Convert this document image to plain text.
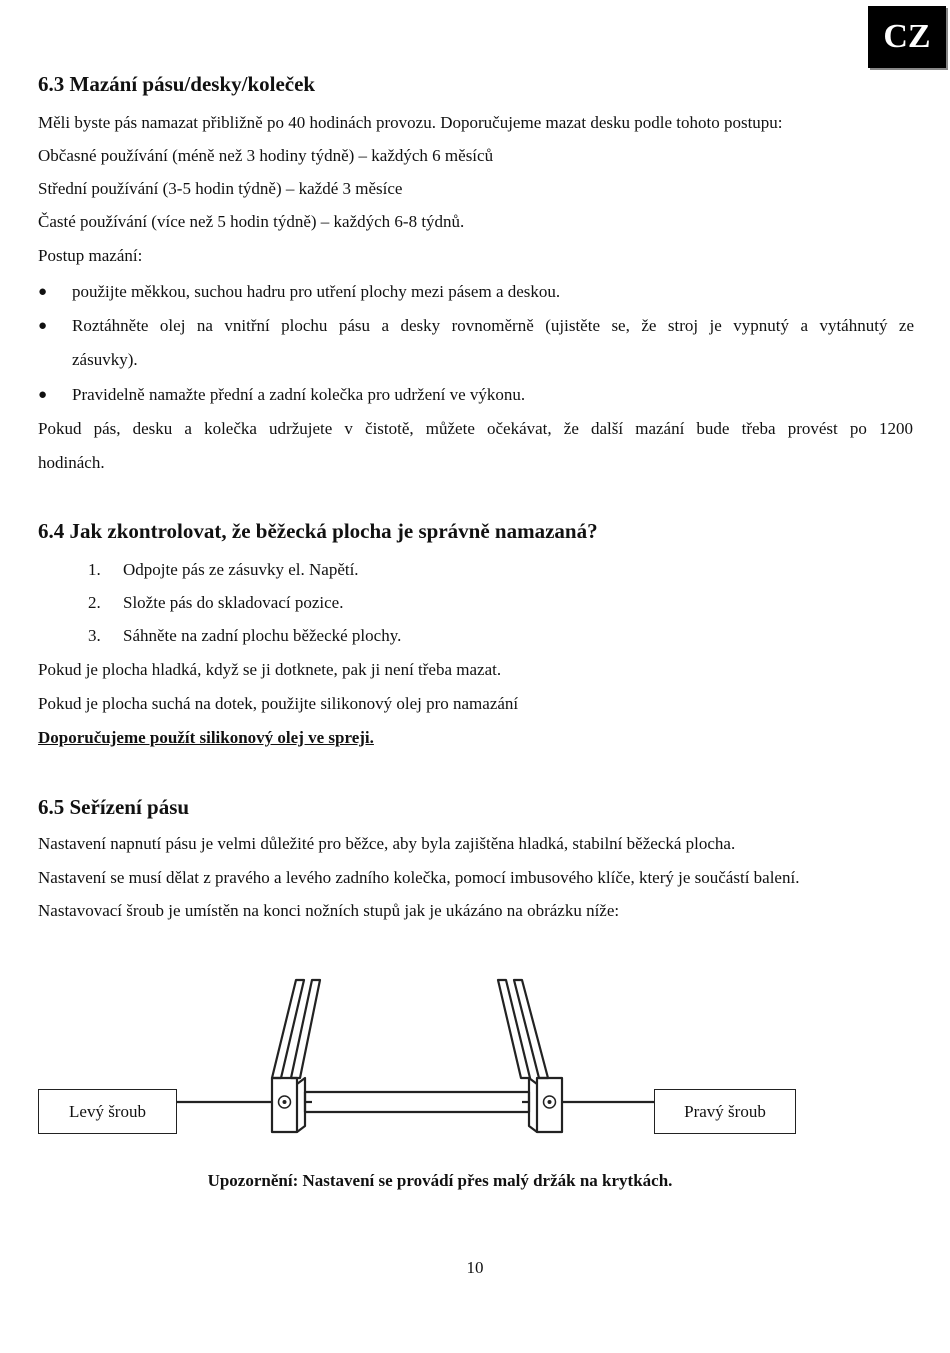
CZ
6.3 Mazání pásu/desky/koleček
Měli byste pás namazat přibližně po 40 hodinách provozu. Doporučujeme mazat desku podle tohoto postupu:
Občasné používání (méně než 3 hodiny týdně) – každých 6 měsíců
Střední používání (3-5 hodin týdně) – každé 3 měsíce
Časté používání (více než 5 hodin týdně) – každých 6-8 týdnů.
Postup mazání:
● použijte měkkou, suchou hadru pro utření plochy mezi pásem a deskou.
● Roztáhněte olej na vnitřní plochu pásu a desky rovnoměrně (ujistěte se, že stroj je vypnutý a vytáhnutý ze
zásuvky).
● Pravidelně namažte přední a zadní kolečka pro udržení ve výkonu.
Pokud pás, desku a kolečka udržujete v čistotě, můžete očekávat, že další mazání bude třeba provést po 1200
hodinách.
6.4 Jak zkontrolovat, že běžecká plocha je správně namazaná?
1. Odpojte pás ze zásuvky el. Napětí.
2. Složte pás do skladovací pozice.
3. Sáhněte na zadní plochu běžecké plochy.
Pokud je plocha hladká, když se ji dotknete, pak ji není třeba mazat.
Pokud je plocha suchá na dotek, použijte silikonový olej pro namazání
Doporučujeme použít silikonový olej ve spreji.
6.5 Seřízení pásu
Nastavení napnutí pásu je velmi důležité pro běžce, aby byla zajištěna hladká, stabilní běžecká plocha.
Nastavení se musí dělat z pravého a levého zadního kolečka, pomocí imbusového klíče, který je součástí balení.
Nastavovací šroub je umístěn na konci nožních stupů jak je ukázáno na obrázku níže:
Levý šroub	Pravý šroub
Upozornění: Nastavení se provádí přes malý držák na krytkách.
10
